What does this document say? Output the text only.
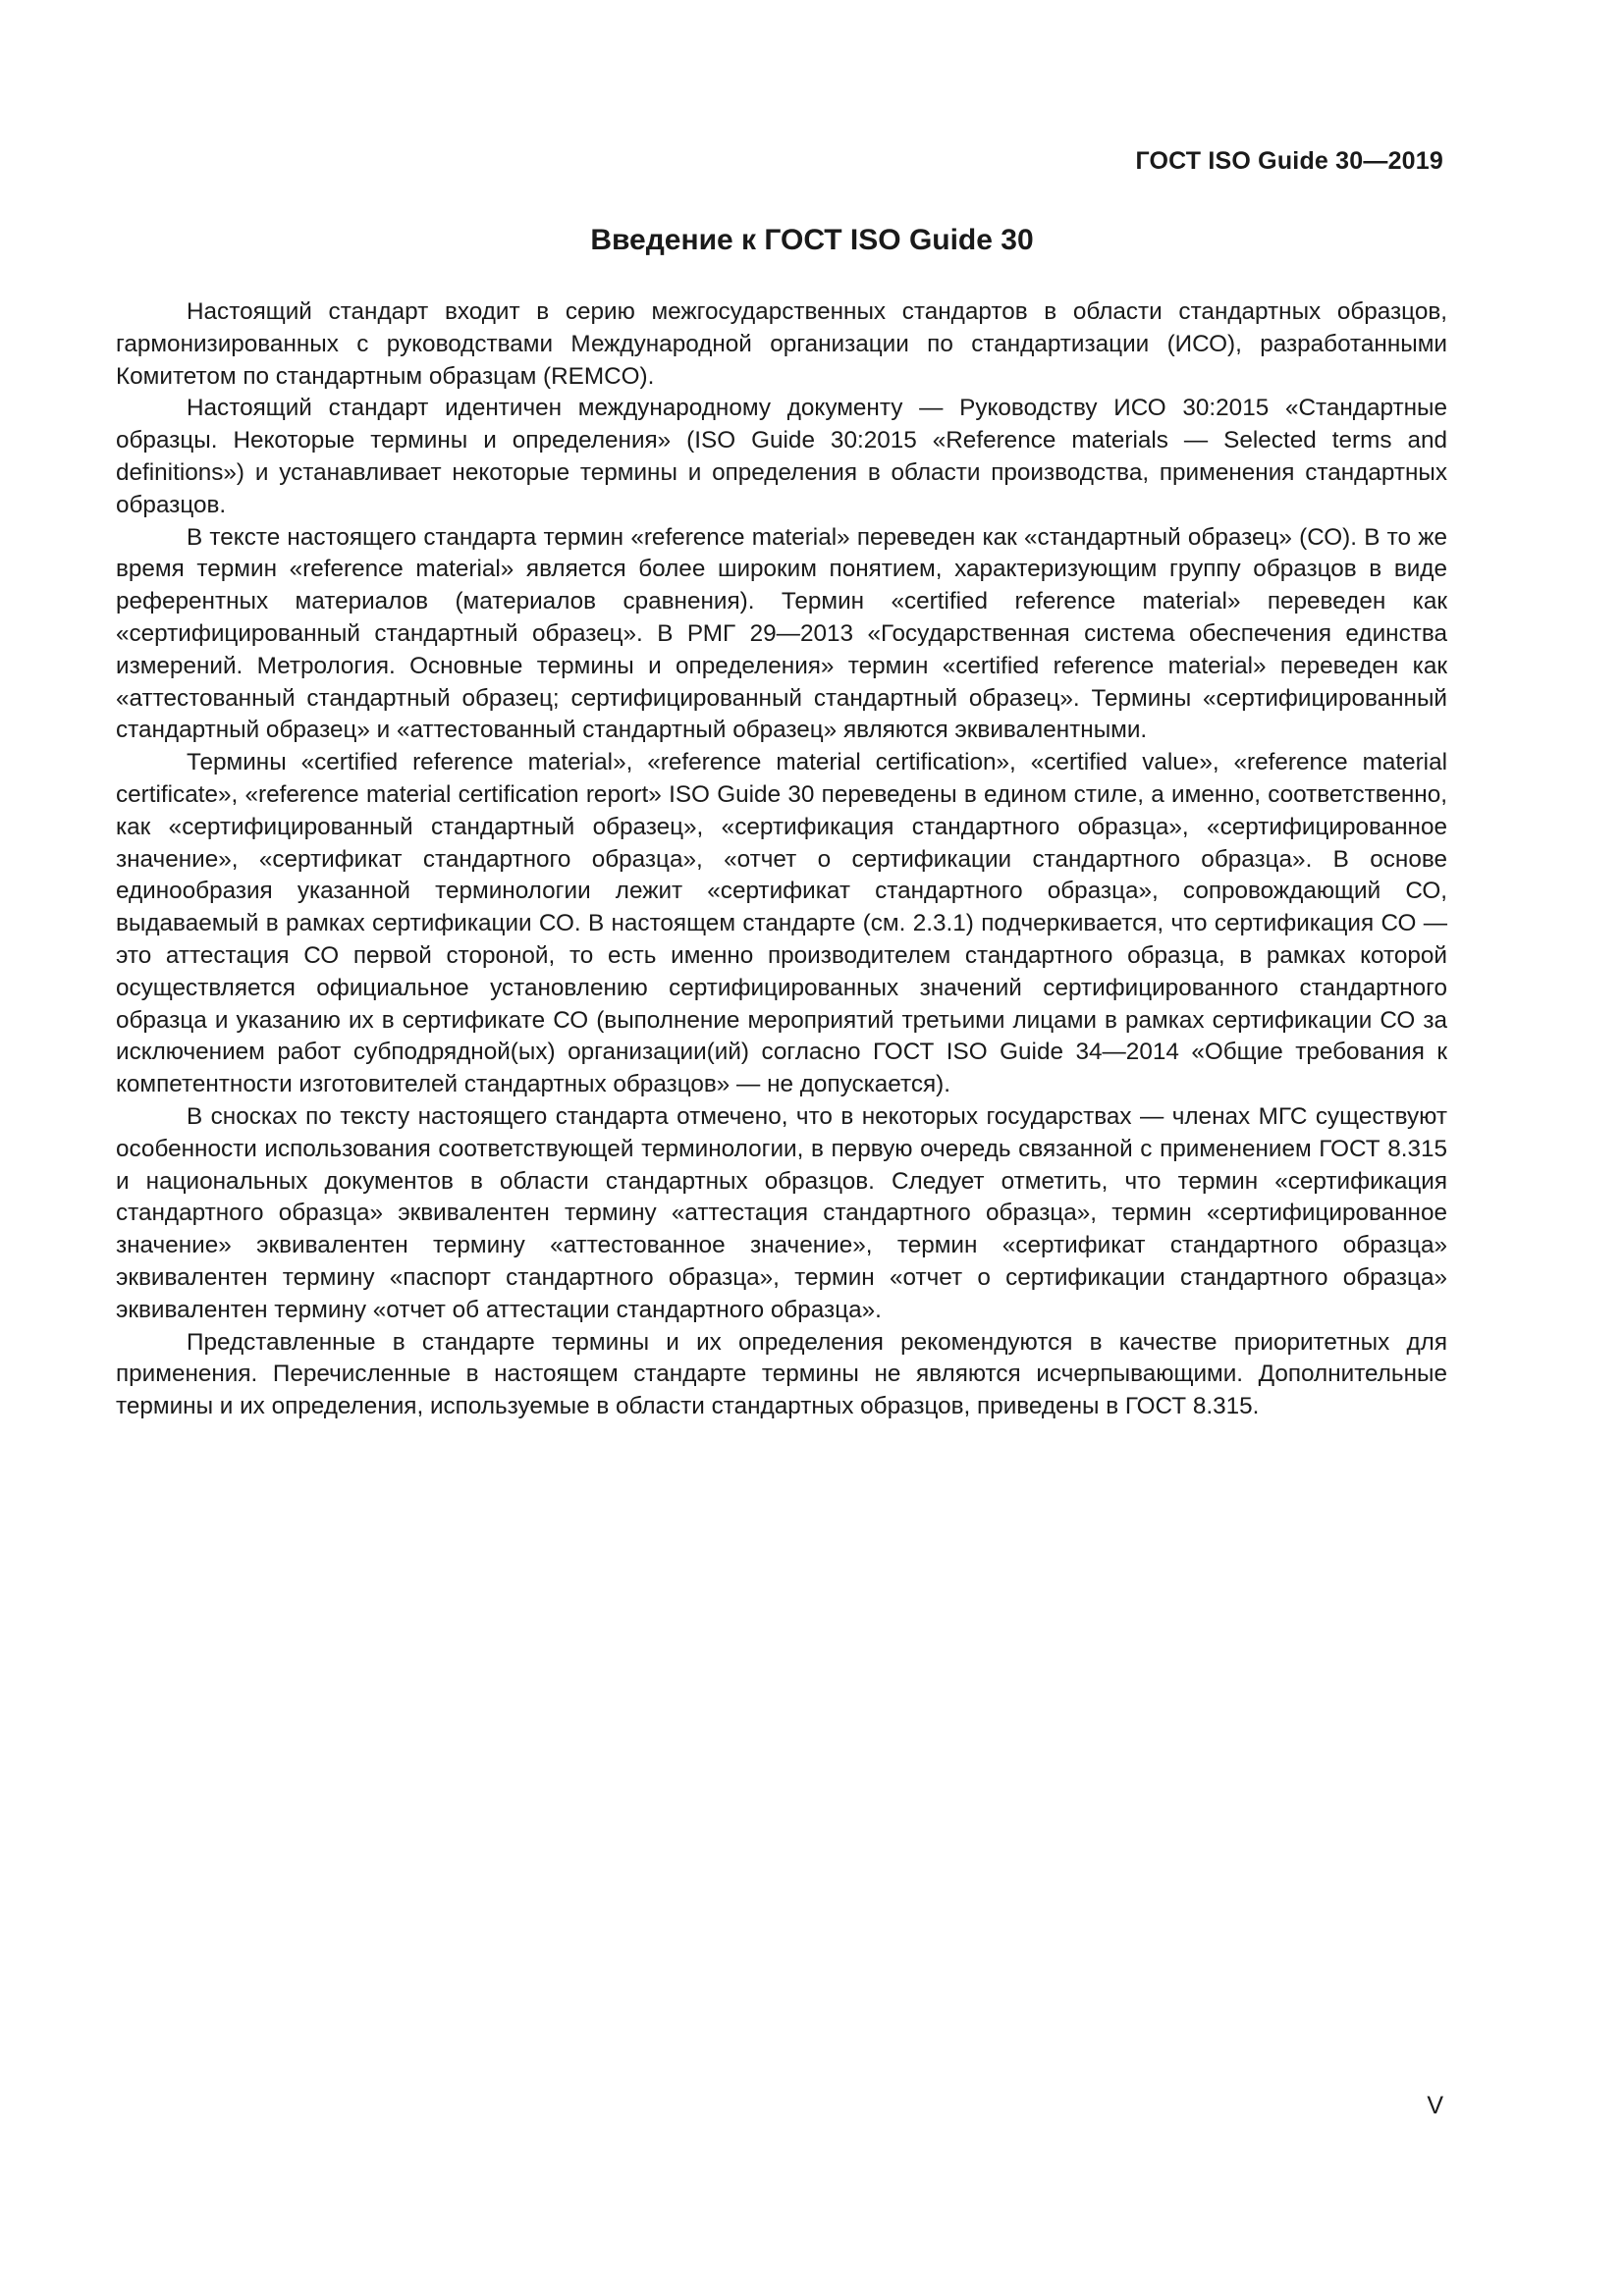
ГОСТ ISO Guide 30—2019
Введение к ГОСТ ISO Guide 30

Настоящий стандарт входит в серию межгосударственных стандартов в области стандартных образцов, гармонизированных с руководствами Международной организации по стандартизации (ИСО), разработанными Комитетом по стандартным образцам (REMCO).

Настоящий стандарт идентичен международному документу — Руководству ИСО 30:2015 «Стандартные образцы. Некоторые термины и определения» (ISO Guide 30:2015 «Reference materials — Selected terms and definitions») и устанавливает некоторые термины и определения в области производства, применения стандартных образцов.

В тексте настоящего стандарта термин «reference material» переведен как «стандартный образец» (СО). В то же время термин «reference material» является более широким понятием, характеризующим группу образцов в виде референтных материалов (материалов сравнения). Термин «certified reference material» переведен как «сертифицированный стандартный образец». В РМГ 29—2013 «Государственная система обеспечения единства измерений. Метрология. Основные термины и определения» термин «certified reference material» переведен как «аттестованный стандартный образец; сертифицированный стандартный образец». Термины «сертифицированный стандартный образец» и «аттестованный стандартный образец» являются эквивалентными.

Термины «certified reference material», «reference material certification», «certified value», «reference material certificate», «reference material certification report» ISO Guide 30 переведены в едином стиле, а именно, соответственно, как «сертифицированный стандартный образец», «сертификация стандартного образца», «сертифицированное значение», «сертификат стандартного образца», «отчет о сертификации стандартного образца». В основе единообразия указанной терминологии лежит «сертификат стандартного образца», сопровождающий СО, выдаваемый в рамках сертификации СО. В настоящем стандарте (см. 2.3.1) подчеркивается, что сертификация СО — это аттестация СО первой стороной, то есть именно производителем стандартного образца, в рамках которой осуществляется официальное установлению сертифицированных значений сертифицированного стандартного образца и указанию их в сертификате СО (выполнение мероприятий третьими лицами в рамках сертификации СО за исключением работ субподрядной(ых) организации(ий) согласно ГОСТ ISO Guide 34—2014 «Общие требования к компетентности изготовителей стандартных образцов» — не допускается).

В сносках по тексту настоящего стандарта отмечено, что в некоторых государствах — членах МГС существуют особенности использования соответствующей терминологии, в первую очередь связанной с применением ГОСТ 8.315 и национальных документов в области стандартных образцов. Следует отметить, что термин «сертификация стандартного образца» эквивалентен термину «аттестация стандартного образца», термин «сертифицированное значение» эквивалентен термину «аттестованное значение», термин «сертификат стандартного образца» эквивалентен термину «паспорт стандартного образца», термин «отчет о сертификации стандартного образца» эквивалентен термину «отчет об аттестации стандартного образца».

Представленные в стандарте термины и их определения рекомендуются в качестве приоритетных для применения. Перечисленные в настоящем стандарте термины не являются исчерпывающими. Дополнительные термины и их определения, используемые в области стандартных образцов, приведены в ГОСТ 8.315.

V
